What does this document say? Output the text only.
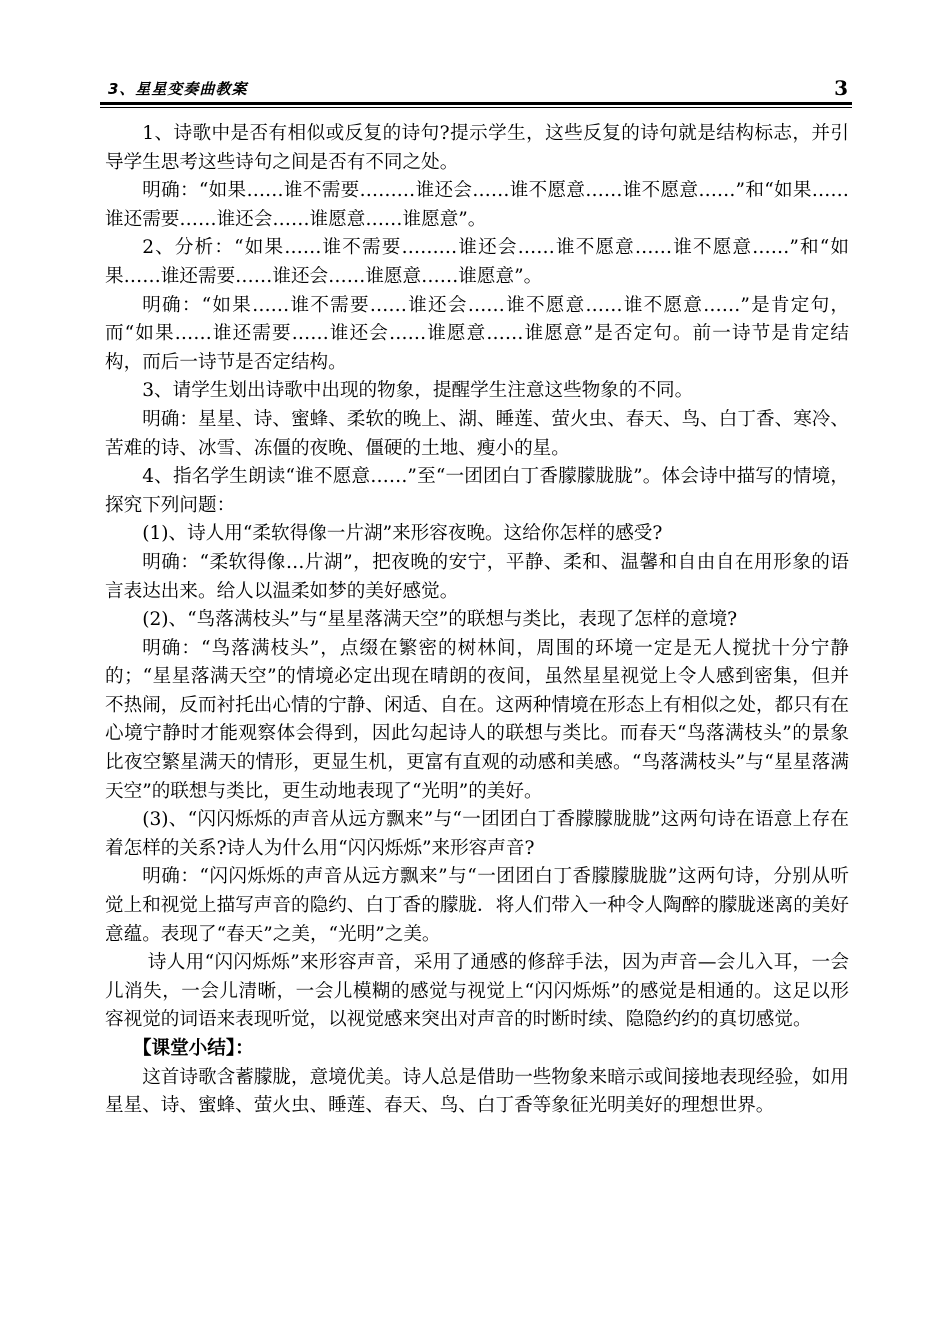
3、星星变奏曲教案	3

1、诗歌中是否有相似或反复的诗句?提示学生，这些反复的诗句就是结构标志，并引导学生思考这些诗句之间是否有不同之处。

明确：“如果……谁不需要………谁还会……谁不愿意……谁不愿意……”和“如果……谁还需要……谁还会……谁愿意……谁愿意”。

2、分析：“如果……谁不需要………谁还会……谁不愿意……谁不愿意……”和“如果……谁还需要……谁还会……谁愿意……谁愿意”。

明确：“如果……谁不需要……谁还会……谁不愿意……谁不愿意……”是肯定句，而“如果……谁还需要……谁还会……谁愿意……谁愿意”是否定句。前一诗节是肯定结构，而后一诗节是否定结构。

3、请学生划出诗歌中出现的物象，提醒学生注意这些物象的不同。

明确：星星、诗、蜜蜂、柔软的晚上、湖、睡莲、萤火虫、春天、鸟、白丁香、寒冷、苦难的诗、冰雪、冻僵的夜晚、僵硬的土地、瘦小的星。

4、指名学生朗读“谁不愿意……”至“一团团白丁香朦朦胧胧”。体会诗中描写的情境，探究下列问题：

(1)、诗人用“柔软得像一片湖”来形容夜晚。这给你怎样的感受?

明确：“柔软得像…片湖”，把夜晚的安宁，平静、柔和、温馨和自由自在用形象的语言表达出来。给人以温柔如梦的美好感觉。

(2)、“鸟落满枝头”与“星星落满天空”的联想与类比，表现了怎样的意境?

明确：“鸟落满枝头”，点缀在繁密的树林间，周围的环境一定是无人搅扰十分宁静的；“星星落满天空”的情境必定出现在晴朗的夜间，虽然星星视觉上令人感到密集，但并不热闹，反而衬托出心情的宁静、闲适、自在。这两种情境在形态上有相似之处，都只有在心境宁静时才能观察体会得到，因此勾起诗人的联想与类比。而春天“鸟落满枝头”的景象比夜空繁星满天的情形，更显生机，更富有直观的动感和美感。“鸟落满枝头”与“星星落满天空”的联想与类比，更生动地表现了“光明”的美好。

(3)、“闪闪烁烁的声音从远方飘来”与“一团团白丁香朦朦胧胧”这两句诗在语意上存在着怎样的关系?诗人为什么用“闪闪烁烁”来形容声音?

明确：“闪闪烁烁的声音从远方飘来”与“一团团白丁香朦朦胧胧”这两句诗，分别从听觉上和视觉上描写声音的隐约、白丁香的朦胧．将人们带入一种令人陶醉的朦胧迷离的美好意蕴。表现了“春天”之美，“光明”之美。

诗人用“闪闪烁烁”来形容声音，采用了通感的修辞手法，因为声音—会儿入耳，一会儿消失，一会儿清晰，一会儿模糊的感觉与视觉上“闪闪烁烁”的感觉是相通的。这足以形容视觉的词语来表现听觉，以视觉感来突出对声音的时断时续、隐隐约约的真切感觉。

【课堂小结】：

这首诗歌含蓄朦胧，意境优美。诗人总是借助一些物象来暗示或间接地表现经验，如用星星、诗、蜜蜂、萤火虫、睡莲、春天、鸟、白丁香等象征光明美好的理想世界。
